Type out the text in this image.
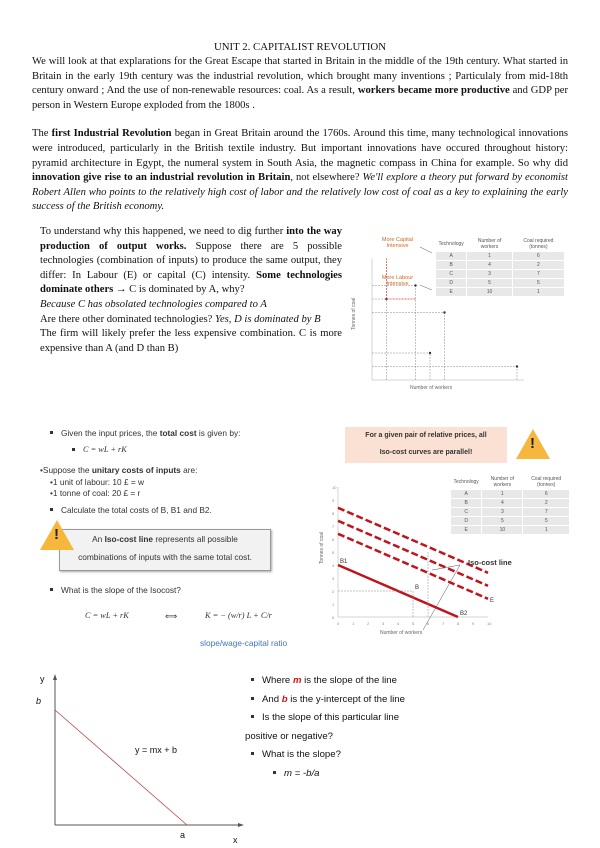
UNIT 2. CAPITALIST REVOLUTION
We will look at that explarations for the Great Escape that started in Britain in the middle of the 19th century. What started in Britain in the early 19th century was the industrial revolution, which brought many inventions ; Particulaly from mid-18th century onward ; And the use of non-renewable resources: coal. As a result, workers became more productive and GDP per person in Western Europe exploded from the 1800s .
The first Industrial Revolution began in Great Britain around the 1760s. Around this time, many technological innovations were introduced, particularly in the British textile industry. But important innovations have occured throughout history: pyramid architecture in Egypt, the numeral system in South Asia, the magnetic compass in China for example. So why did innovation give rise to an industrial revolution in Britain, not elsewhere? We'll explore a theory put forward by economist Robert Allen who points to the relatively high cost of labor and the relatively low cost of coal as a key to explaining the early success of the British economy.
To understand why this happened, we need to dig further into the way production of output works. Suppose there are 5 possible technologies (combination of inputs) to produce the same output, they differ: In Labour (E) or capital (C) intensity. Some technologies dominate others → C is dominated by A, why?
Because C has obsolated technologies compared to A
Are there other dominated technologies? Yes, D is dominated by B
The firm will likely prefer the less expensive combination. C is more expensive than A (and D than B)
More Capital Intensive
More Labour Intensive
Technology	Number of workers	Coal required (tonnes)
A	1	6
B	4	2
C	3	7
D	5	5
E	10	1
Tonnes of coal
Number of workers
Given the input prices, the total cost is given by:
C = wL + rK
•Suppose the unitary costs of inputs are:
•1 unit of labour: 10 £ = w
•1 tonne of coal: 20 £ = r
Calculate the total costs of B, B1 and B2.
An Iso-cost line represents all possible
combinations of inputs with the same total cost.
!
What is the slope of the Isocost?
C = wL + rK	⟺	K = − (w/r) L + C/r
slope/wage-capital ratio
For a given pair of relative prices, all
Iso-cost curves are parallel!
!
Technology	Number of workers	Coal required (tonnes)
A	1	6
B	4	2
C	3	7
D	5	5
E	10	1
B1
B
B2
E
0	1	2	3	4	5	6	7	8	9	10
0
1
2
3
4
5
6
7
8
9
10
Iso-cost line
Number of workers
Tonnes of coal
y
b
y = mx + b
a	x
Where m is the slope of the line
And b is the y-intercept of the line
Is the slope of this particular line
positive or negative?
What is the slope?
m = -b/a
